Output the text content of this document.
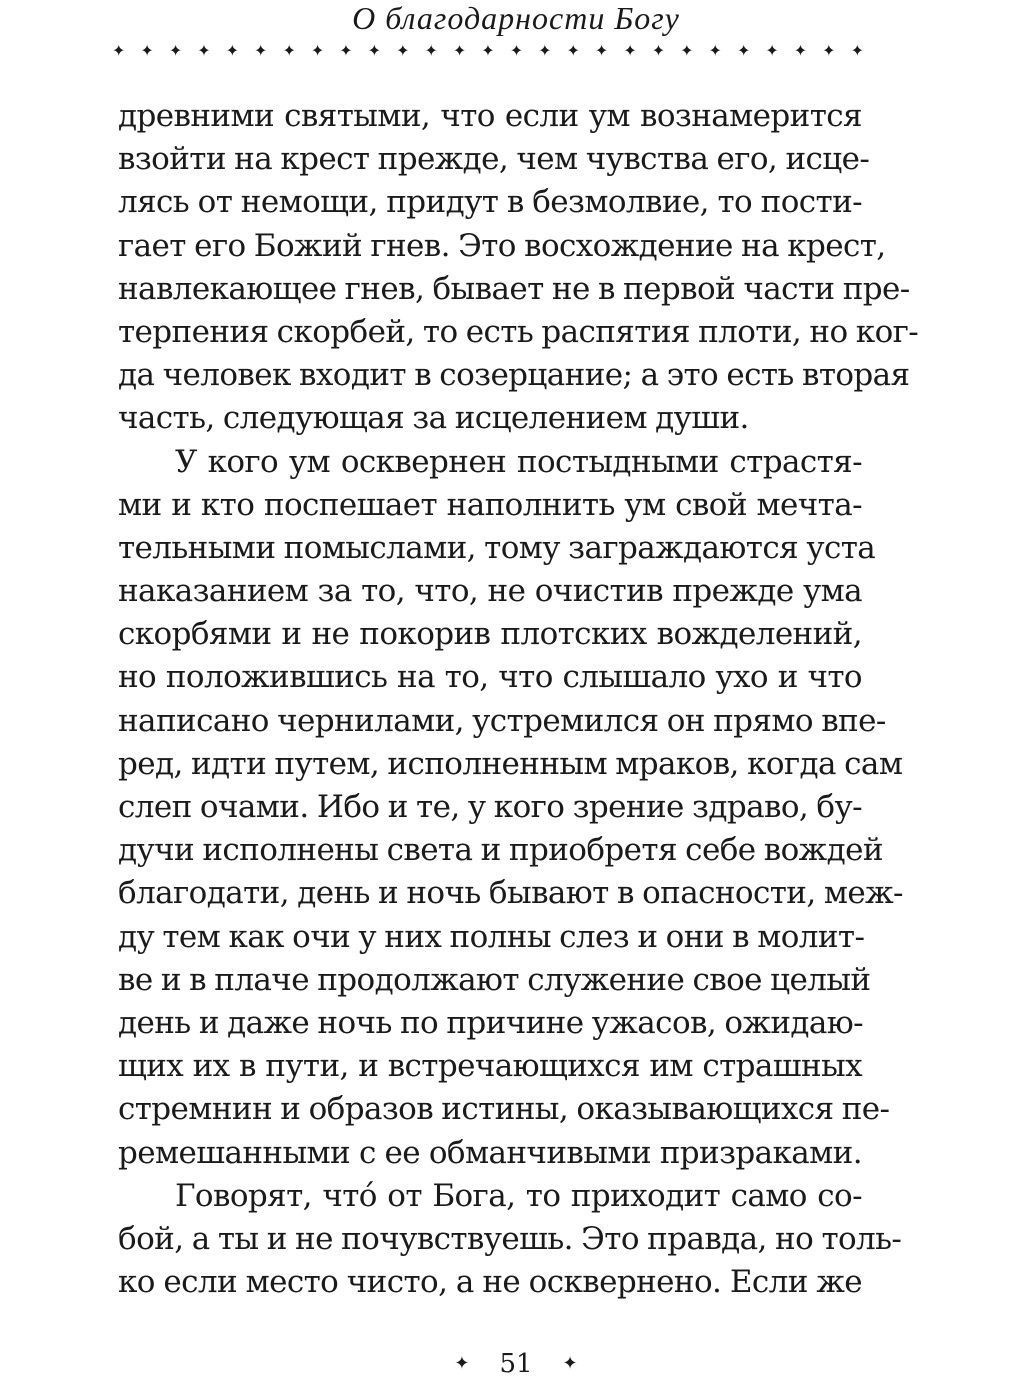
О благодарности Богу
✦ ✦ ✦ ✦ ✦ ✦ ✦ ✦ ✦ ✦ ✦ ✦ ✦ ✦ ✦ ✦ ✦ ✦ ✦ ✦ ✦ ✦ ✦ ✦ ✦ ✦ ✦
древними святыми, что если ум вознамерится
взойти на крест прежде, чем чувства его, исце-
лясь от немощи, придут в безмолвие, то пости-
гает его Божий гнев. Это восхождение на крест,
навлекающее гнев, бывает не в первой части пре-
терпения скорбей, то есть распятия плоти, но ког-
да человек входит в созерцание; а это есть вторая
часть, следующая за исцелением души.
У кого ум осквернен постыдными страстя-
ми и кто поспешает наполнить ум свой мечта-
тельными помыслами, тому заграждаются уста
наказанием за то, что, не очистив прежде ума
скорбями и не покорив плотских вожделений,
но положившись на то, что слышало ухо и что
написано чернилами, устремился он прямо впе-
ред, идти путем, исполненным мраков, когда сам
слеп очами. Ибо и те, у кого зрение здраво, бу-
дучи исполнены света и приобретя себе вождей
благодати, день и ночь бывают в опасности, меж-
ду тем как очи у них полны слез и они в молит-
ве и в плаче продолжают служение свое целый
день и даже ночь по причине ужасов, ожидаю-
щих их в пути, и встречающихся им страшных
стремнин и образов истины, оказывающихся пе-
ремешанными с ее обманчивыми призраками.
Говорят, что́ от Бога, то приходит само со-
бой, а ты и не почувствуешь. Это правда, но толь-
ко если место чисто, а не осквернено. Если же
✦ 51 ✦
